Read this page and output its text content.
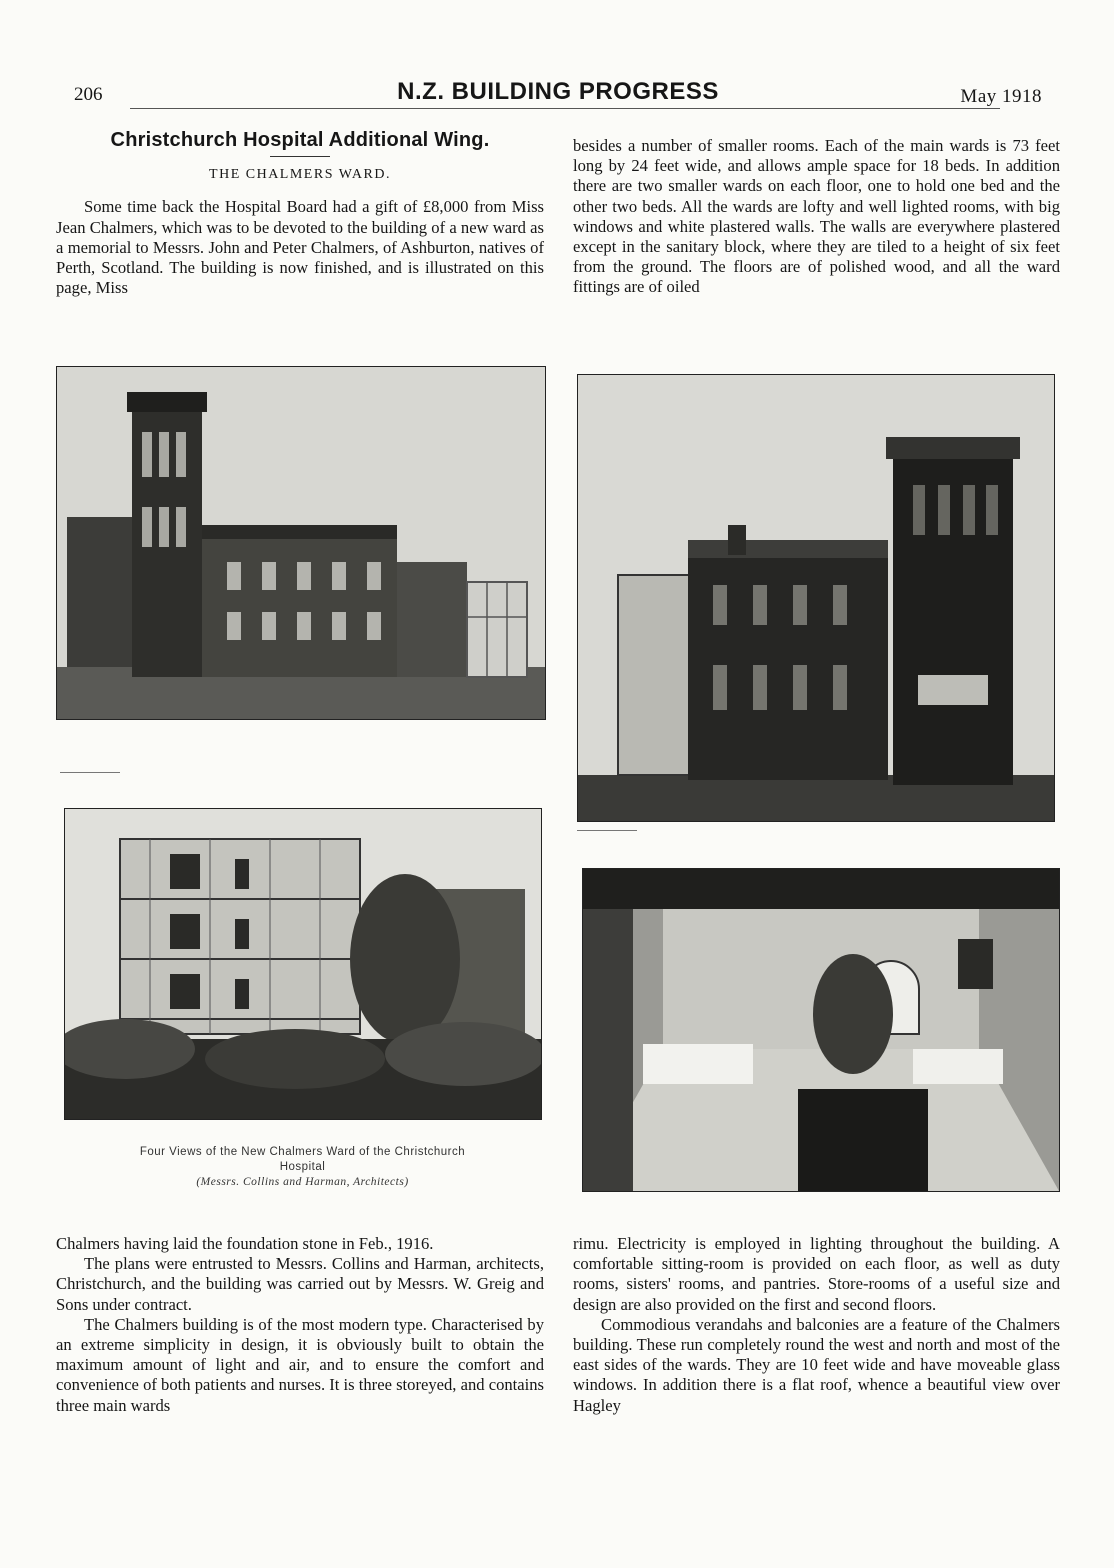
206	N.Z. BUILDING PROGRESS	May 1918
Christchurch Hospital Additional Wing.
THE CHALMERS WARD.

Some time back the Hospital Board had a gift of £8,000 from Miss Jean Chalmers, which was to be devoted to the building of a new ward as a memorial to Messrs. John and Peter Chalmers, of Ashburton, natives of Perth, Scotland. The building is now finished, and is illustrated on this page, Miss

besides a number of smaller rooms. Each of the main wards is 73 feet long by 24 feet wide, and allows ample space for 18 beds. In addition there are two smaller wards on each floor, one to hold one bed and the other two beds. All the wards are lofty and well lighted rooms, with big windows and white plastered walls. The walls are everywhere plastered except in the sanitary block, where they are tiled to a height of six feet from the ground. The floors are of polished wood, and all the ward fittings are of oiled

Four Views of the New Chalmers Ward of the Christchurch
Hospital
(Messrs. Collins and Harman, Architects)

Chalmers having laid the foundation stone in Feb., 1916.

The plans were entrusted to Messrs. Collins and Harman, architects, Christchurch, and the building was carried out by Messrs. W. Greig and Sons under contract.

The Chalmers building is of the most modern type. Characterised by an extreme simplicity in design, it is obviously built to obtain the maximum amount of light and air, and to ensure the comfort and convenience of both patients and nurses. It is three storeyed, and contains three main wards

rimu. Electricity is employed in lighting throughout the building. A comfortable sitting-room is provided on each floor, as well as duty rooms, sisters' rooms, and pantries. Store-rooms of a useful size and design are also provided on the first and second floors.

Commodious verandahs and balconies are a feature of the Chalmers building. These run completely round the west and north and most of the east sides of the wards. They are 10 feet wide and have moveable glass windows. In addition there is a flat roof, whence a beautiful view over Hagley
